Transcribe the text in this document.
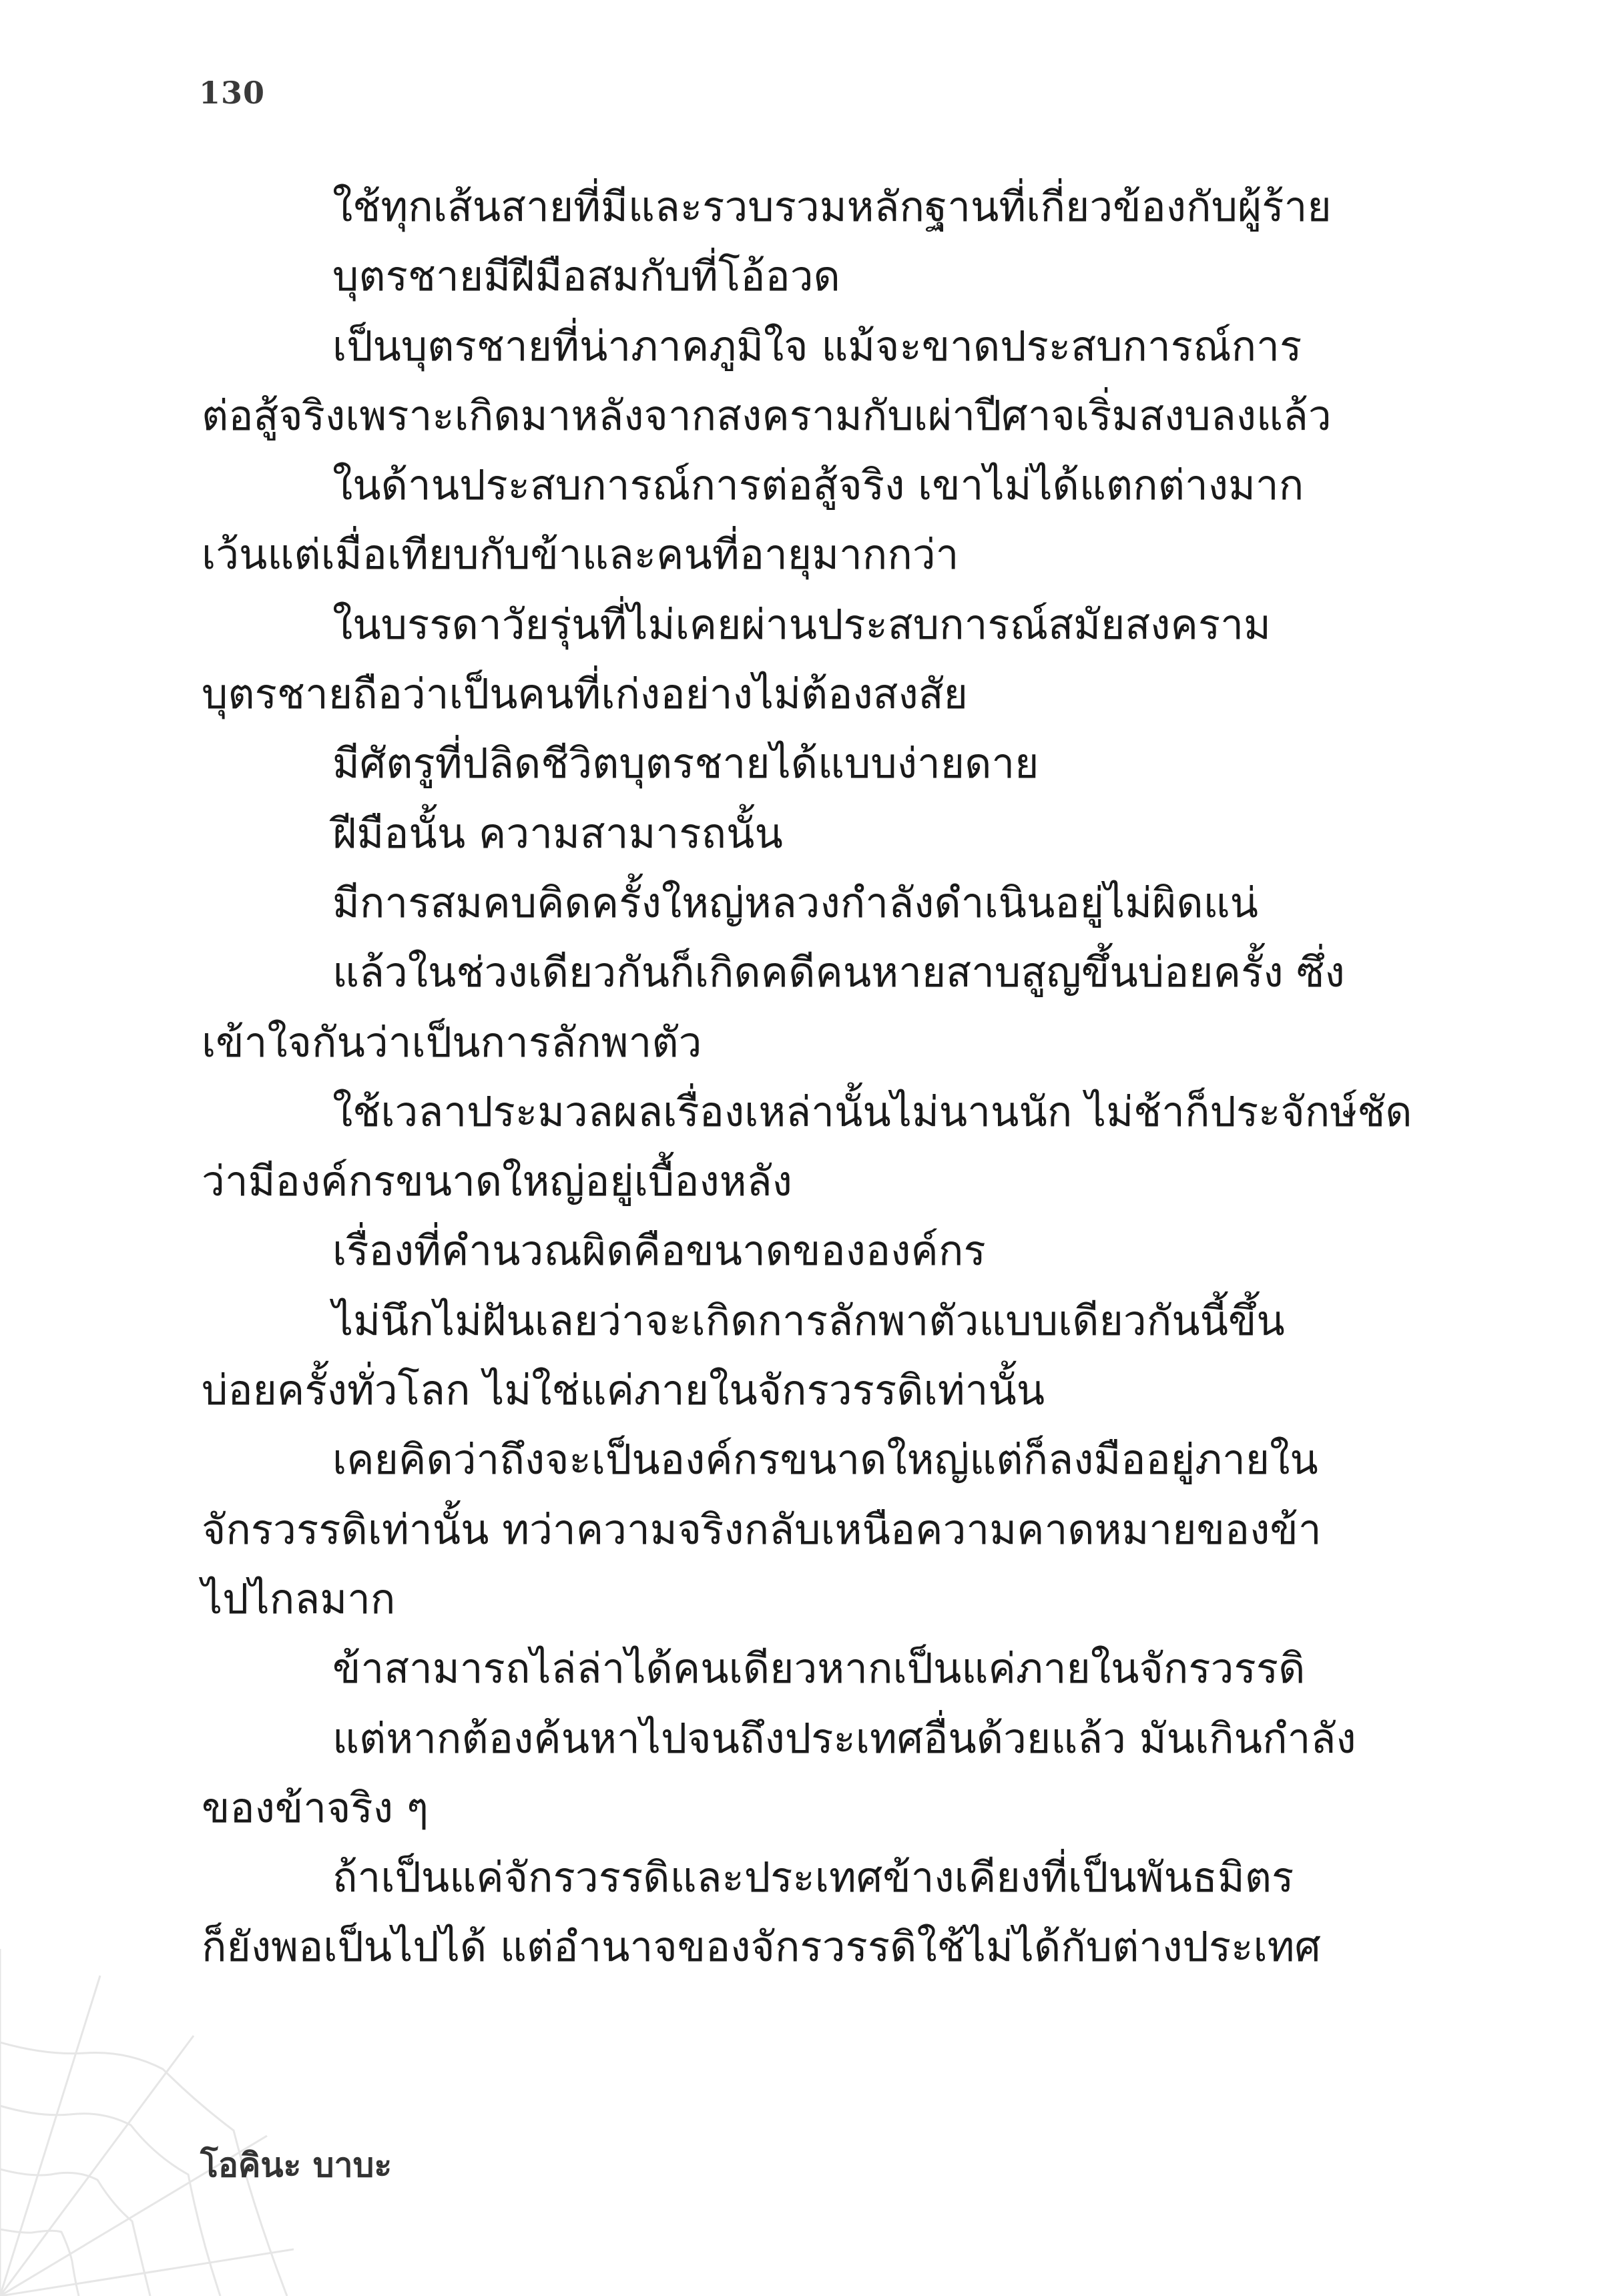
130
ใช้ทุกเส้นสายที่มีและรวบรวมหลักฐานที่เกี่ยวข้องกับผู้ร้าย
บุตรชายมีฝีมือสมกับที่โอ้อวด
เป็นบุตรชายที่น่าภาคภูมิใจ แม้จะขาดประสบการณ์การ
ต่อสู้จริงเพราะเกิดมาหลังจากสงครามกับเผ่าปีศาจเริ่มสงบลงแล้ว
ในด้านประสบการณ์การต่อสู้จริง เขาไม่ได้แตกต่างมาก
เว้นแต่เมื่อเทียบกับข้าและคนที่อายุมากกว่า
ในบรรดาวัยรุ่นที่ไม่เคยผ่านประสบการณ์สมัยสงคราม
บุตรชายถือว่าเป็นคนที่เก่งอย่างไม่ต้องสงสัย
มีศัตรูที่ปลิดชีวิตบุตรชายได้แบบง่ายดาย
ฝีมือนั้น ความสามารถนั้น
มีการสมคบคิดครั้งใหญ่หลวงกำลังดำเนินอยู่ไม่ผิดแน่
แล้วในช่วงเดียวกันก็เกิดคดีคนหายสาบสูญขึ้นบ่อยครั้ง ซึ่ง
เข้าใจกันว่าเป็นการลักพาตัว
ใช้เวลาประมวลผลเรื่องเหล่านั้นไม่นานนัก ไม่ช้าก็ประจักษ์ชัด
ว่ามีองค์กรขนาดใหญ่อยู่เบื้องหลัง
เรื่องที่คำนวณผิดคือขนาดขององค์กร
ไม่นึกไม่ฝันเลยว่าจะเกิดการลักพาตัวแบบเดียวกันนี้ขึ้น
บ่อยครั้งทั่วโลก ไม่ใช่แค่ภายในจักรวรรดิเท่านั้น
เคยคิดว่าถึงจะเป็นองค์กรขนาดใหญ่แต่ก็ลงมืออยู่ภายใน
จักรวรรดิเท่านั้น ทว่าความจริงกลับเหนือความคาดหมายของข้า
ไปไกลมาก
ข้าสามารถไล่ล่าได้คนเดียวหากเป็นแค่ภายในจักรวรรดิ
แต่หากต้องค้นหาไปจนถึงประเทศอื่นด้วยแล้ว มันเกินกำลัง
ของข้าจริง ๆ
ถ้าเป็นแค่จักรวรรดิและประเทศข้างเคียงที่เป็นพันธมิตร
ก็ยังพอเป็นไปได้ แต่อำนาจของจักรวรรดิใช้ไม่ได้กับต่างประเทศ
โอคินะ บาบะ
